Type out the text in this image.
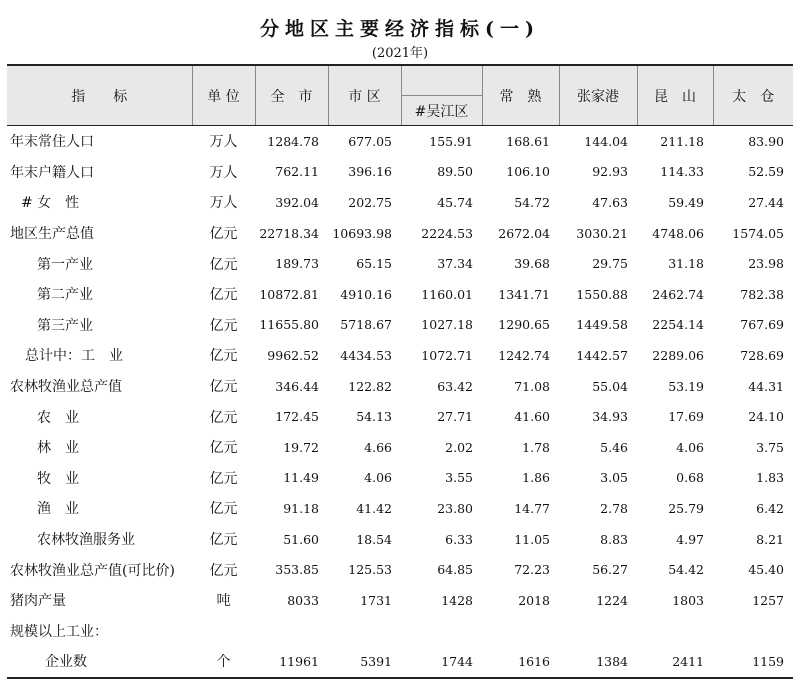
分地区主要经济指标(一)
(2021年)
指　　标	单 位	全　市	市 区		常　熟	张家港	昆　山	太　仓
				#吴江区				
年末常住人口	万人	1284.78	677.05	155.91	168.61	144.04	211.18	83.90
年末户籍人口	万人	762.11	396.16	89.50	106.10	92.93	114.33	52.59
# 女　性	万人	392.04	202.75	45.74	54.72	47.63	59.49	27.44
地区生产总值	亿元	22718.34	10693.98	2224.53	2672.04	3030.21	4748.06	1574.05
第一产业	亿元	189.73	65.15	37.34	39.68	29.75	31.18	23.98
第二产业	亿元	10872.81	4910.16	1160.01	1341.71	1550.88	2462.74	782.38
第三产业	亿元	11655.80	5718.67	1027.18	1290.65	1449.58	2254.14	767.69
总计中：工　业	亿元	9962.52	4434.53	1072.71	1242.74	1442.57	2289.06	728.69
农林牧渔业总产值	亿元	346.44	122.82	63.42	71.08	55.04	53.19	44.31
农　业	亿元	172.45	54.13	27.71	41.60	34.93	17.69	24.10
林　业	亿元	19.72	4.66	2.02	1.78	5.46	4.06	3.75
牧　业	亿元	11.49	4.06	3.55	1.86	3.05	0.68	1.83
渔　业	亿元	91.18	41.42	23.80	14.77	2.78	25.79	6.42
农林牧渔服务业	亿元	51.60	18.54	6.33	11.05	8.83	4.97	8.21
农林牧渔业总产值(可比价)	亿元	353.85	125.53	64.85	72.23	56.27	54.42	45.40
猪肉产量	吨	8033	1731	1428	2018	1224	1803	1257
规模以上工业：								
企业数	个	11961	5391	1744	1616	1384	2411	1159
